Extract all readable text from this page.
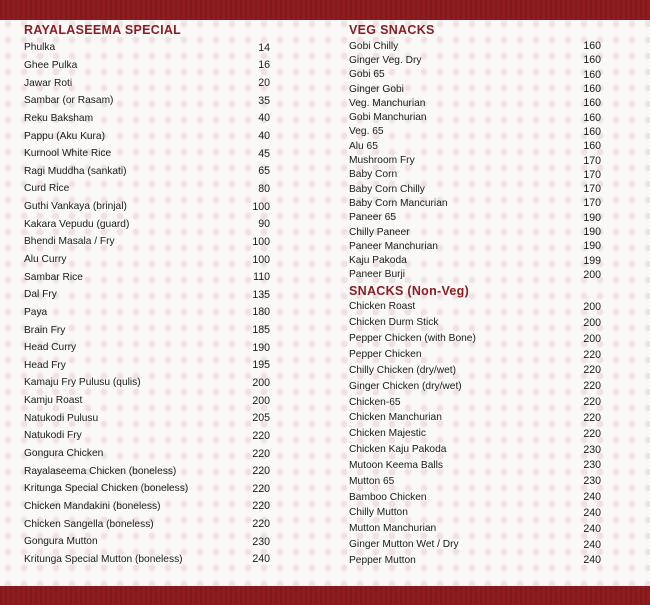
RAYALASEEMA SPECIAL
Phulka	14
Ghee Pulka	16
Jawar Roti	20
Sambar (or Rasam)	35
Reku Baksham	40
Pappu (Aku Kura)	40
Kurnool White Rice	45
Ragi Muddha (sankati)	65
Curd Rice	80
Guthi Vankaya (brinjal)	100
Kakara Vepudu (guard)	90
Bhendi Masala / Fry	100
Alu Curry	100
Sambar Rice	110
Dal Fry	135
Paya	180
Brain Fry	185
Head Curry	190
Head Fry	195
Kamaju Fry Pulusu (qulis)	200
Kamju Roast	200
Natukodi Pulusu	205
Natukodi Fry	220
Gongura Chicken	220
Rayalaseema Chicken (boneless)	220
Kritunga Special Chicken (boneless)	220
Chicken Mandakini (boneless)	220
Chicken Sangella (boneless)	220
Gongura Mutton	230
Kritunga Special Mutton (boneless)	240
VEG SNACKS
Gobi Chilly	160
Ginger Veg. Dry	160
Gobi 65	160
Ginger Gobi	160
Veg. Manchurian	160
Gobi Manchurian	160
Veg. 65	160
Alu 65	160
Mushroom Fry	170
Baby Corn	170
Baby Corn Chilly	170
Baby Corn Mancurian	170
Paneer 65	190
Chilly Paneer	190
Paneer Manchurian	190
Kaju Pakoda	199
Paneer Burji	200
SNACKS (Non-Veg)
Chicken Roast	200
Chicken Durm Stick	200
Pepper Chicken (with Bone)	200
Pepper Chicken	220
Chilly Chicken (dry/wet)	220
Ginger Chicken (dry/wet)	220
Chicken-65	220
Chicken Manchurian	220
Chicken Majestic	220
Chicken Kaju Pakoda	230
Mutoon Keema Balls	230
Mutton 65	230
Bamboo Chicken	240
Chilly Mutton	240
Mutton Manchurian	240
Ginger Mutton Wet / Dry	240
Pepper Mutton	240
